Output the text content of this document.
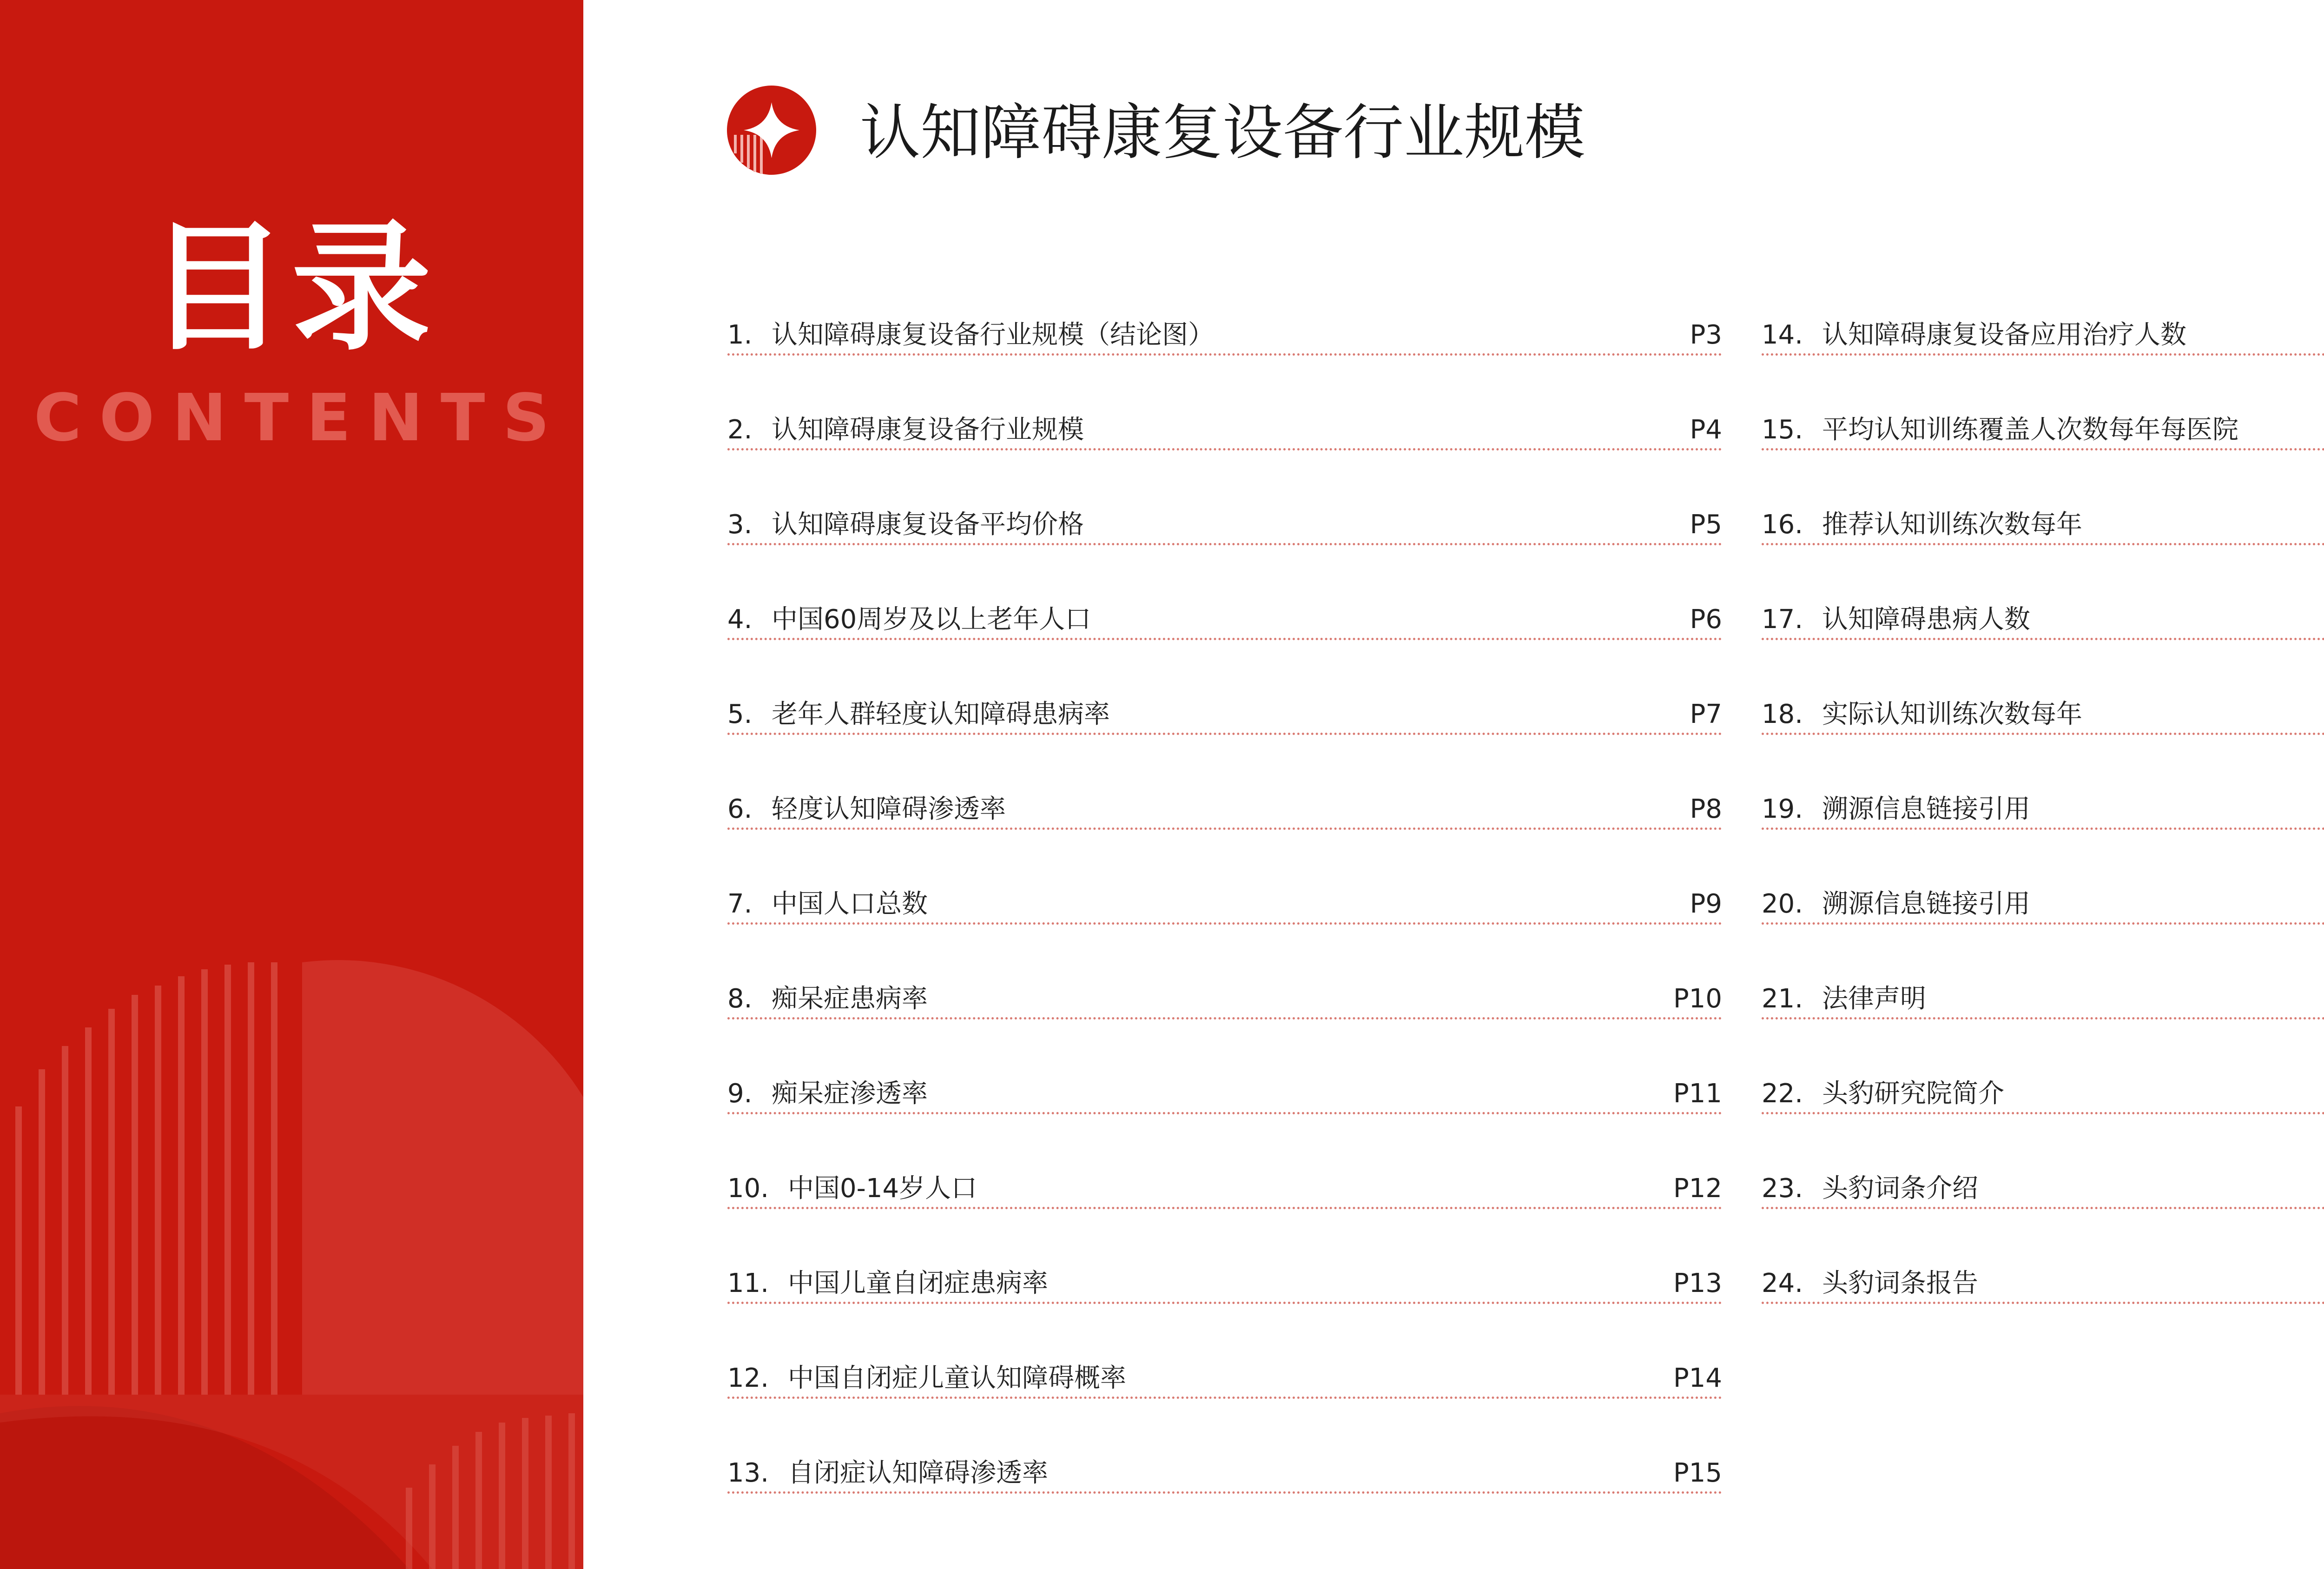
目录
CONTENTS
认知障碍康复设备行业规模
1. 认知障碍康复设备行业规模（结论图）	P3
2. 认知障碍康复设备行业规模	P4
3. 认知障碍康复设备平均价格	P5
4. 中国60周岁及以上老年人口	P6
5. 老年人群轻度认知障碍患病率	P7
6. 轻度认知障碍渗透率	P8
7. 中国人口总数	P9
8. 痴呆症患病率	P10
9. 痴呆症渗透率	P11
10. 中国0-14岁人口	P12
11. 中国儿童自闭症患病率	P13
12. 中国自闭症儿童认知障碍概率	P14
13. 自闭症认知障碍渗透率	P15
14. 认知障碍康复设备应用治疗人数
15. 平均认知训练覆盖人次数每年每医院
16. 推荐认知训练次数每年
17. 认知障碍患病人数
18. 实际认知训练次数每年
19. 溯源信息链接引用
20. 溯源信息链接引用
21. 法律声明
22. 头豹研究院简介
23. 头豹词条介绍
24. 头豹词条报告
